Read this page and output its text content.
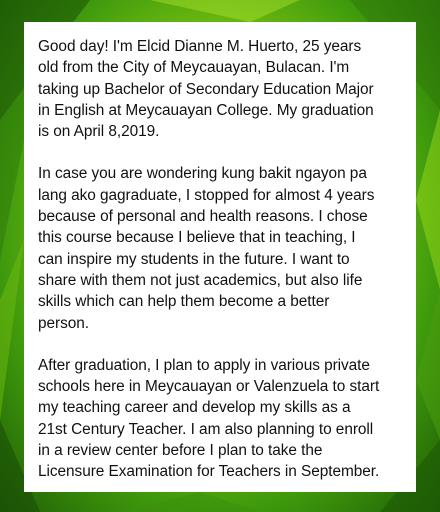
Good day! I'm Elcid Dianne M. Huerto, 25 years
old from the City of Meycauayan, Bulacan. I'm
taking up Bachelor of Secondary Education Major
in English at Meycauayan College. My graduation
is on April 8,2019.

In case you are wondering kung bakit ngayon pa
lang ako gagraduate, I stopped for almost 4 years
because of personal and health reasons. I chose
this course because I believe that in teaching, I
can inspire my students in the future. I want to
share with them not just academics, but also life
skills which can help them become a better
person.

After graduation, I plan to apply in various private
schools here in Meycauayan or Valenzuela to start
my teaching career and develop my skills as a
21st Century Teacher. I am also planning to enroll
in a review center before I plan to take the
Licensure Examination for Teachers in September.
